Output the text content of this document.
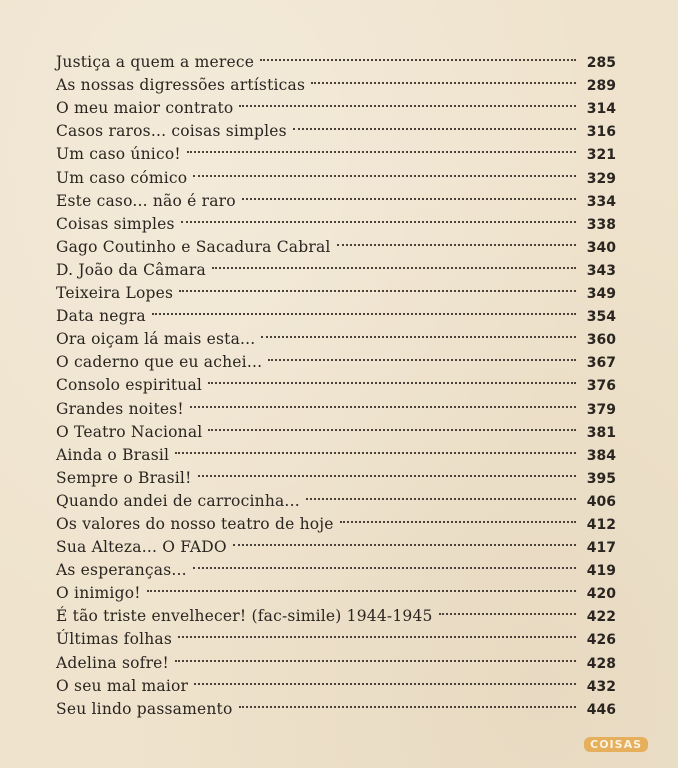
Justiça a quem a merece	285
As nossas digressões artísticas	289
O meu maior contrato	314
Casos raros... coisas simples	316
Um caso único!	321
Um caso cómico	329
Este caso... não é raro	334
Coisas simples	338
Gago Coutinho e Sacadura Cabral	340
D. João da Câmara	343
Teixeira Lopes	349
Data negra	354
Ora oiçam lá mais esta...	360
O caderno que eu achei...	367
Consolo espiritual	376
Grandes noites!	379
O Teatro Nacional	381
Ainda o Brasil	384
Sempre o Brasil!	395
Quando andei de carrocinha...	406
Os valores do nosso teatro de hoje	412
Sua Alteza... O FADO	417
As esperanças...	419
O inimigo!	420
É tão triste envelhecer! (fac-simile) 1944-1945	422
Últimas folhas	426
Adelina sofre!	428
O seu mal maior	432
Seu lindo passamento	446
COISAS
